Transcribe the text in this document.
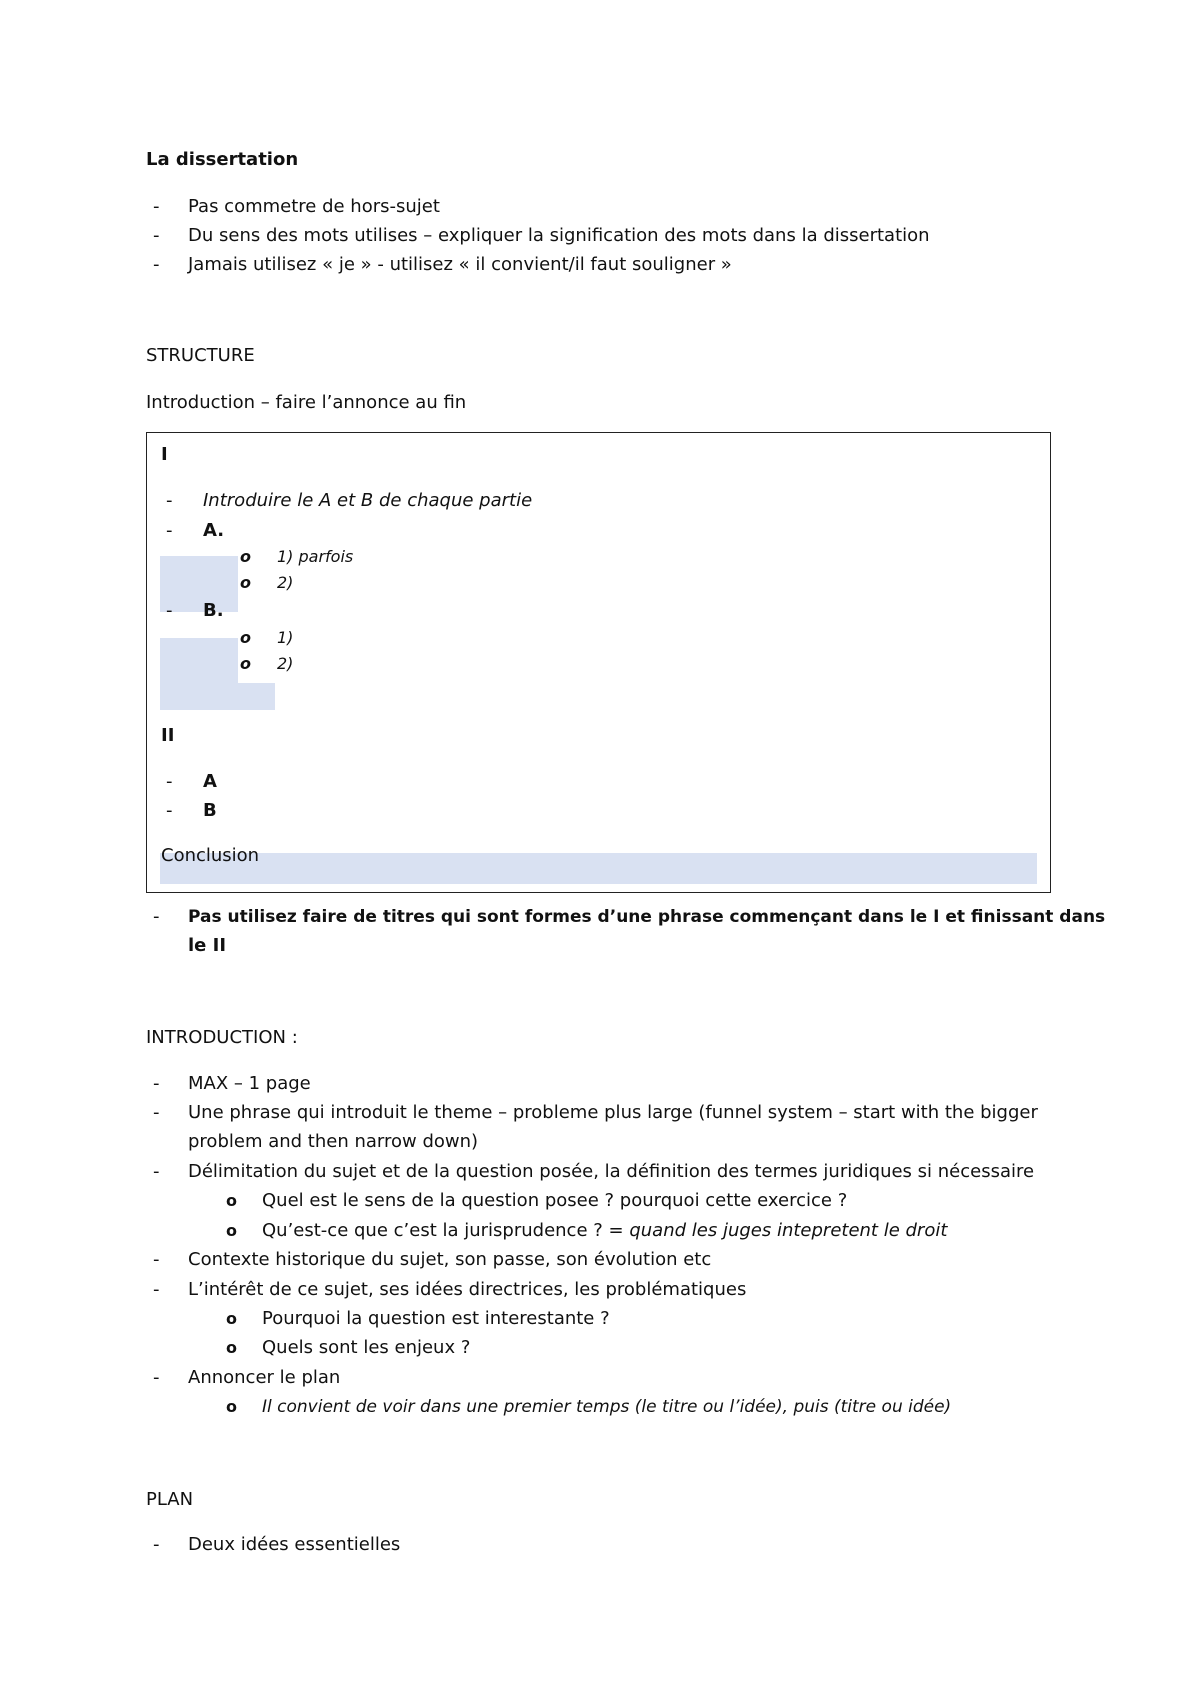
La dissertation
- Pas commetre de hors-sujet
- Du sens des mots utilises – expliquer la signification des mots dans la dissertation
- Jamais utilisez « je » - utilisez « il convient/il faut souligner »
STRUCTURE
Introduction – faire l’annonce au fin
I
- Introduire le A et B de chaque partie
- A.
o 1) parfois
o 2)
- B.
o 1)
o 2)
II
- A
- B
Conclusion
- Pas utilisez faire de titres qui sont formes d’une phrase commençant dans le I et finissant dans
le II
INTRODUCTION :
- MAX – 1 page
- Une phrase qui introduit le theme – probleme plus large (funnel system – start with the bigger
problem and then narrow down)
- Délimitation du sujet et de la question posée, la définition des termes juridiques si nécessaire
o Quel est le sens de la question posee ? pourquoi cette exercice ?
o Qu’est-ce que c’est la jurisprudence ? = quand les juges intepretent le droit
- Contexte historique du sujet, son passe, son évolution etc
- L’intérêt de ce sujet, ses idées directrices, les problématiques
o Pourquoi la question est interestante ?
o Quels sont les enjeux ?
- Annoncer le plan
o Il convient de voir dans une premier temps (le titre ou l’idée), puis (titre ou idée)
PLAN
- Deux idées essentielles
